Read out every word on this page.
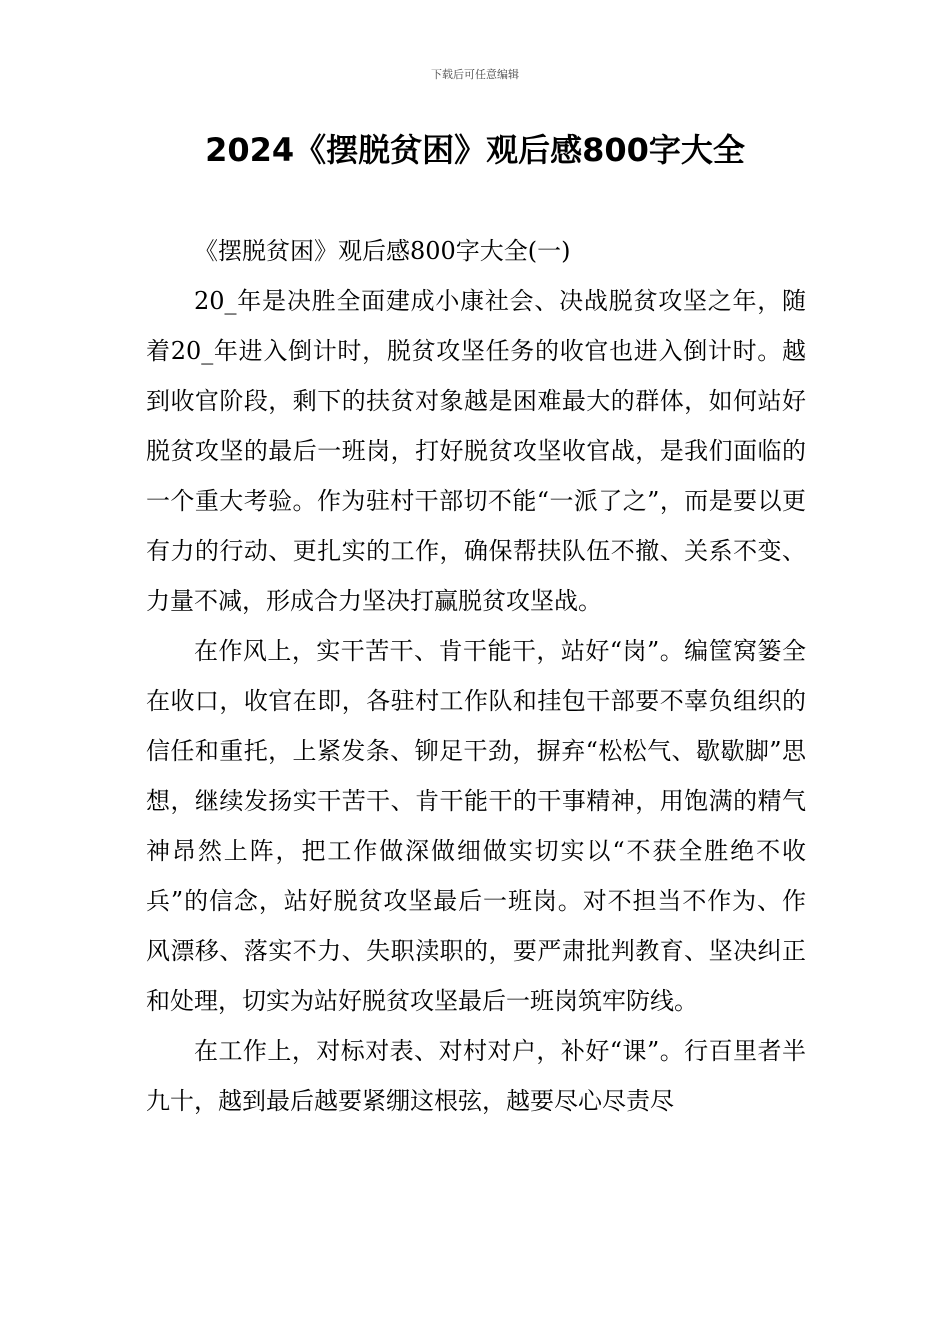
下载后可任意编辑
2024《摆脱贫困》观后感800字大全

《摆脱贫困》观后感800字大全(一)

20_年是决胜全面建成小康社会、决战脱贫攻坚之年，随着20_年进入倒计时，脱贫攻坚任务的收官也进入倒计时。越到收官阶段，剩下的扶贫对象越是困难最大的群体，如何站好脱贫攻坚的最后一班岗，打好脱贫攻坚收官战，是我们面临的一个重大考验。作为驻村干部切不能“一派了之”，而是要以更有力的行动、更扎实的工作，确保帮扶队伍不撤、关系不变、力量不减，形成合力坚决打赢脱贫攻坚战。

在作风上，实干苦干、肯干能干，站好“岗”。编筐窝篓全在收口，收官在即，各驻村工作队和挂包干部要不辜负组织的信任和重托，上紧发条、铆足干劲，摒弃“松松气、歇歇脚”思想，继续发扬实干苦干、肯干能干的干事精神，用饱满的精气神昂然上阵，把工作做深做细做实切实以“不获全胜绝不收兵”的信念，站好脱贫攻坚最后一班岗。对不担当不作为、作风漂移、落实不力、失职渎职的，要严肃批判教育、坚决纠正和处理，切实为站好脱贫攻坚最后一班岗筑牢防线。

在工作上，对标对表、对村对户，补好“课”。行百里者半九十，越到最后越要紧绷这根弦，越要尽心尽责尽
